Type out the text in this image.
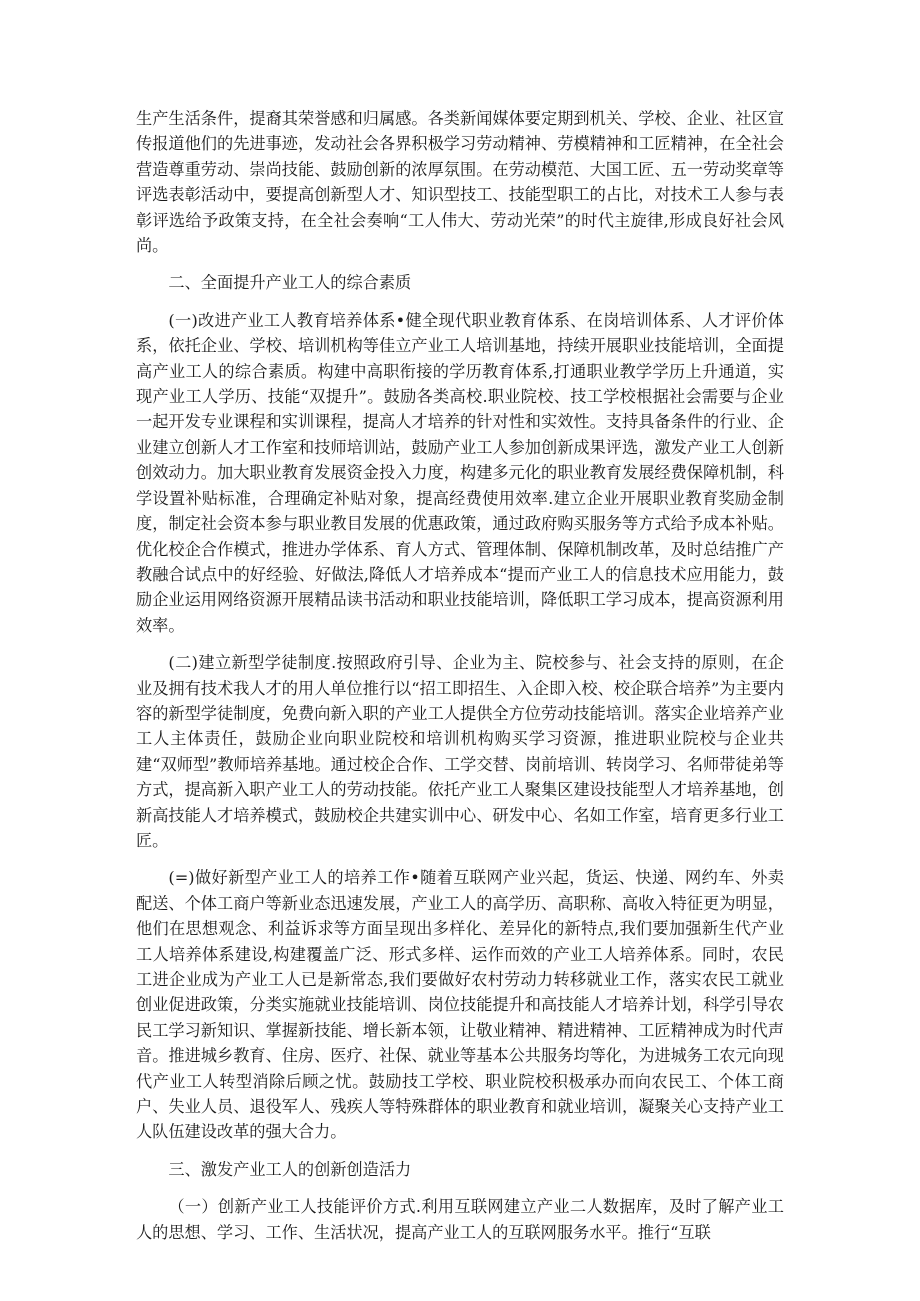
生产生活条件，提裔其荣誉感和归属感。各类新闻媒体要定期到机关、学校、企业、社区宣传报道他们的先进事迹，发动社会各界积极学习劳动精神、劳模精神和工匠精神，在全社会营造尊重劳动、崇尚技能、鼓励创新的浓厚氛围。在劳动模范、大国工匠、五一劳动奖章等评选表彰活动中，要提高创新型人才、知识型技工、技能型职工的占比，对技术工人参与表彰评选给予政策支持，在全社会奏响“工人伟大、劳动光荣”的时代主旋律,形成良好社会风尚。

二、全面提升产业工人的综合素质

(一)改进产业工人教育培养体系•健全现代职业教育体系、在岗培训体系、人才评价体系，依托企业、学校、培训机构等佳立产业工人培训基地，持续开展职业技能培训，全面提高产业工人的综合素质。构建中高职衔接的学历教育体系,打通职业教学学历上升通道，实现产业工人学历、技能“双提升”。鼓励各类高校.职业院校、技工学校根据社会需要与企业一起开发专业课程和实训课程，提高人才培养的针对性和实效性。支持具备条件的行业、企业建立创新人才工作室和技师培训站，鼓励产业工人参加创新成果评选，激发产业工人创新创效动力。加大职业教育发展资金投入力度，构建多元化的职业教育发展经费保障机制，科学设置补贴标准，合理确定补贴对象，提高经费使用效率.建立企业开展职业教育奖励金制度，制定社会资本参与职业教目发展的优惠政策，通过政府购买服务等方式给予成本补贴。优化校企合作模式，推进办学体系、育人方式、管理体制、保障机制改革，及时总结推广产教融合试点中的好经验、好做法,降低人才培养成本“提而产业工人的信息技术应用能力，鼓励企业运用网络资源开展精品读书活动和职业技能培训，降低职工学习成本，提高资源利用效率。

(二)建立新型学徒制度.按照政府引导、企业为主、院校参与、社会支持的原则，在企业及拥有技术我人才的用人单位推行以“招工即招生、入企即入校、校企联合培养”为主要内容的新型学徒制度，免费向新入职的产业工人提供全方位劳动技能培训。落实企业培养产业工人主体责任，鼓励企业向职业院校和培训机构购买学习资源，推进职业院校与企业共建“双师型”教师培养基地。通过校企合作、工学交替、岗前培训、转岗学习、名师带徒弟等方式，提高新入职产业工人的劳动技能。依托产业工人聚集区建设技能型人才培养基地，创新高技能人才培养模式，鼓励校企共建实训中心、研发中心、名如工作室，培育更多行业工匠。

(=)做好新型产业工人的培养工作•随着互联网产业兴起，货运、快递、网约车、外卖配送、个体工商户等新业态迅速发展，产业工人的高学历、高职称、高收入特征更为明显，他们在思想观念、利益诉求等方面呈现出多样化、差异化的新特点,我们要加强新生代产业工人培养体系建设,构建覆盖广泛、形式多样、运作而效的产业工人培养体系。同时，农民工进企业成为产业工人已是新常态,我们要做好农村劳动力转移就业工作，落实农民工就业创业促进政策，分类实施就业技能培训、岗位技能提升和高技能人才培养计划，科学引导农民工学习新知识、掌握新技能、增长新本领，让敬业精神、精进精神、工匠精神成为时代声音。推进城乡教育、住房、医疗、社保、就业等基本公共服务均等化，为进城务工农元向现代产业工人转型消除后顾之忧。鼓励技工学校、职业院校积极承办而向农民工、个体工商户、失业人员、退役军人、残疾人等特殊群体的职业教育和就业培训，凝聚关心支持产业工人队伍建设改革的强大合力。

三、激发产业工人的创新创造活力

（一）创新产业工人技能评价方式.利用互联网建立产业二人数据库，及时了解产业工人的思想、学习、工作、生活状况，提高产业工人的互联网服务水平。推行“互联
